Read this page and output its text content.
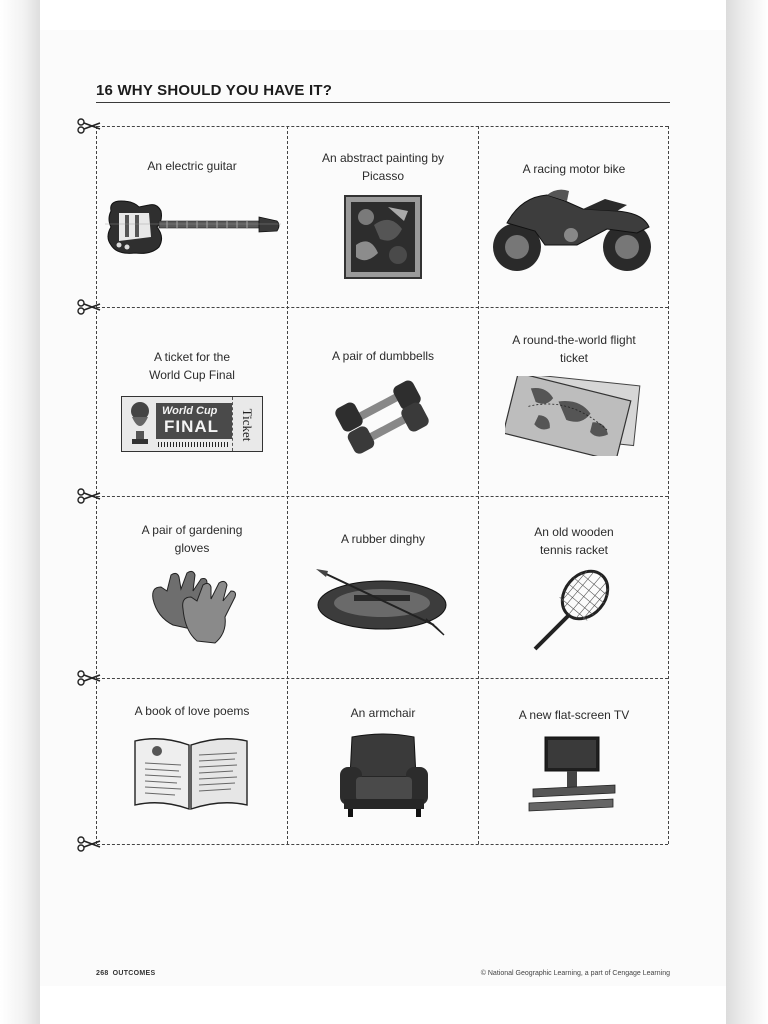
16 WHY SHOULD YOU HAVE IT?
An electric guitar
An abstract painting by Picasso	A racing motor bike
A ticket for the World Cup Final
World Cup
FINAL Ticket
A pair of dumbbells
A round-the-world flight ticket
A pair of gardening gloves
A rubber dinghy	An old wooden tennis racket
A book of love poems	An armchair	A new flat-screen TV
268 OUTCOMES	© National Geographic Learning, a part of Cengage Learning
